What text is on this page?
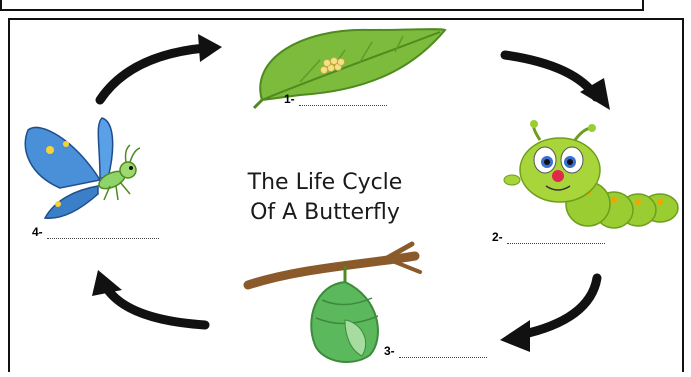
The Life Cycle
Of A Butterfly
1-
2-
3-
4-
